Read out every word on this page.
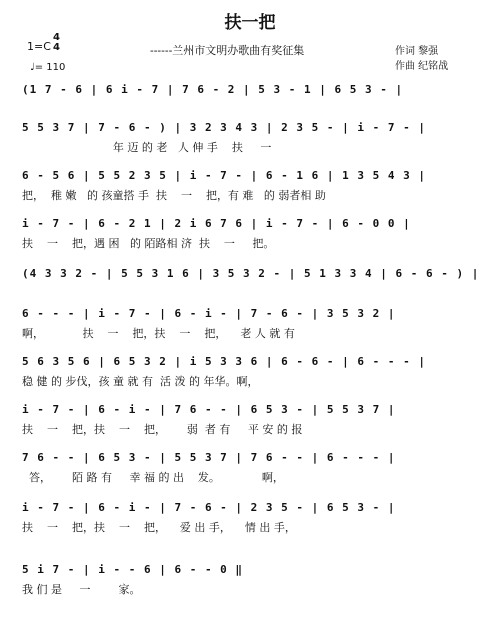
扶一把
------兰州市文明办歌曲有奖征集	作词 黎强
作曲 纪铭战
1=C
4
4
♩= 110
(1 7 - 6 | 6 i - 7 | 7 6 - 2 | 5 3 - 1 | 6 5 3 - |
5 5 3 7 | 7 - 6 - ) | 3 2 3 4 3 | 2 3 5 - | i - 7 - |
年 迈 的 老   人 伸 手    扶     一
6 - 5 6 | 5 5 2 3 5 | i - 7 - | 6 - 1 6 | 1 3 5 4 3 |
把，  稚 嫩   的 孩童搭 手  扶    一    把，有 难   的 弱者相 助
i - 7 - | 6 - 2 1 | 2 i 6 7 6 | i - 7 - | 6 - 0 0 |
扶    一    把，遇 困   的 陌路相 济  扶    一     把。
(4 3 3 2 - | 5 5 3 1 6 | 3 5 3 2 - | 5 1 3 3 4 | 6 - 6 - ) |
6 - - - | i - 7 - | 6 - i - | 7 - 6 - | 3 5 3 2 |
啊，           扶    一    把，扶    一    把，    老 人 就 有
5 6 3 5 6 | 6 5 3 2 | i 5 3 3 6 | 6 - 6 - | 6 - - - |
稳 健 的 步伐，孩 童 就 有  活 泼 的 年华。啊，
i - 7 - | 6 - i - | 7 6 - - | 6 5 3 - | 5 5 3 7 |
扶    一    把，扶    一    把，      弱  者 有     平 安 的 报
7 6 - - | 6 5 3 - | 5 5 3 7 | 7 6 - - | 6 - - - |
答，      陌 路 有     幸 福 的 出    发。            啊，
i - 7 - | 6 - i - | 7 - 6 - | 2 3 5 - | 6 5 3 - |
扶    一    把，扶    一    把，    爱 出 手，    情 出 手，
5 i 7 - | i - - 6 | 6 - - 0 ‖
我 们 是     一        家。
